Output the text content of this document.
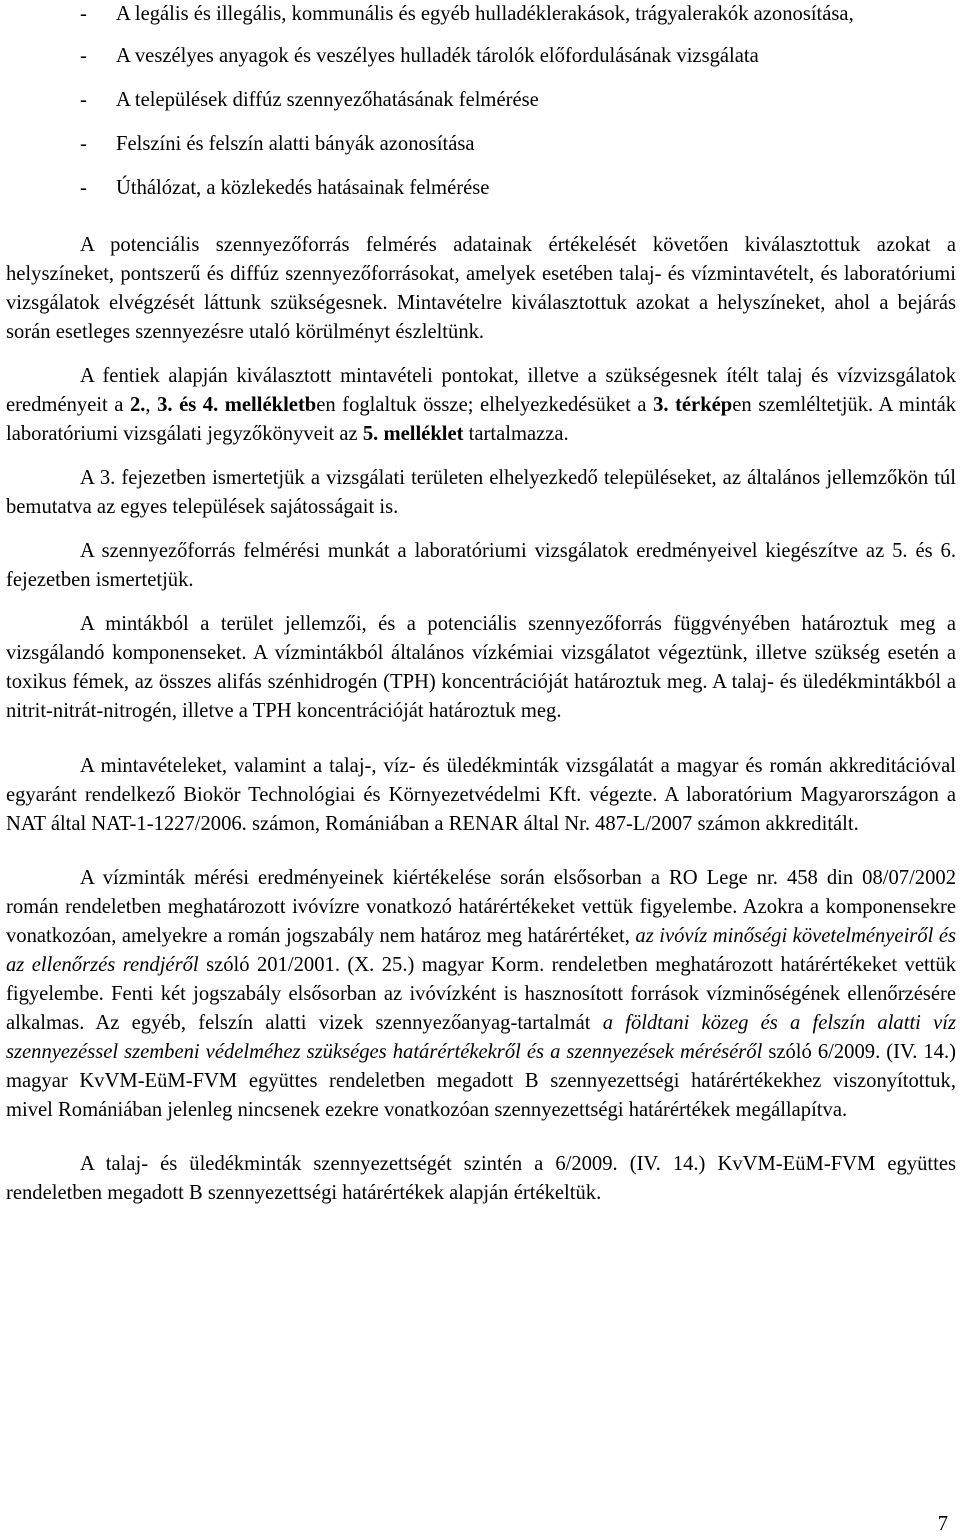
- A legális és illegális, kommunális és egyéb hulladéklerakások, trágyalerakók azonosítása,
- A veszélyes anyagok és veszélyes hulladék tárolók előfordulásának vizsgálata
- A települések diffúz szennyezőhatásának felmérése
- Felszíni és felszín alatti bányák azonosítása
- Úthálózat, a közlekedés hatásainak felmérése

A potenciális szennyezőforrás felmérés adatainak értékelését követően kiválasztottuk azokat a helyszíneket, pontszerű és diffúz szennyezőforrásokat, amelyek esetében talaj- és vízmintavételt, és laboratóriumi vizsgálatok elvégzését láttunk szükségesnek. Mintavételre kiválasztottuk azokat a helyszíneket, ahol a bejárás során esetleges szennyezésre utaló körülményt észleltünk.

A fentiek alapján kiválasztott mintavételi pontokat, illetve a szükségesnek ítélt talaj és vízvizsgálatok eredményeit a 2., 3. és 4. mellékletben foglaltuk össze; elhelyezkedésüket a 3. térképen szemléltetjük. A minták laboratóriumi vizsgálati jegyzőkönyveit az 5. melléklet tartalmazza.

A 3. fejezetben ismertetjük a vizsgálati területen elhelyezkedő településeket, az általános jellemzőkön túl bemutatva az egyes települések sajátosságait is.

A szennyezőforrás felmérési munkát a laboratóriumi vizsgálatok eredményeivel kiegészítve az 5. és 6. fejezetben ismertetjük.

A mintákból a terület jellemzői, és a potenciális szennyezőforrás függvényében határoztuk meg a vizsgálandó komponenseket. A vízmintákból általános vízkémiai vizsgálatot végeztünk, illetve szükség esetén a toxikus fémek, az összes alifás szénhidrogén (TPH) koncentrációját határoztuk meg. A talaj- és üledékmintákból a nitrit-nitrát-nitrogén, illetve a TPH koncentrációját határoztuk meg.

A mintavételeket, valamint a talaj-, víz- és üledékminták vizsgálatát a magyar és román akkreditációval egyaránt rendelkező Biokör Technológiai és Környezetvédelmi Kft. végezte. A laboratórium Magyarországon a NAT által NAT-1-1227/2006. számon, Romániában a RENAR által Nr. 487-L/2007 számon akkreditált.

A vízminták mérési eredményeinek kiértékelése során elsősorban a RO Lege nr. 458 din 08/07/2002 román rendeletben meghatározott ivóvízre vonatkozó határértékeket vettük figyelembe. Azokra a komponensekre vonatkozóan, amelyekre a román jogszabály nem határoz meg határértéket, az ivóvíz minőségi követelményeiről és az ellenőrzés rendjéről szóló 201/2001. (X. 25.) magyar Korm. rendeletben meghatározott határértékeket vettük figyelembe. Fenti két jogszabály elsősorban az ivóvízként is hasznosított források vízminőségének ellenőrzésére alkalmas. Az egyéb, felszín alatti vizek szennyezőanyag-tartalmát a földtani közeg és a felszín alatti víz szennyezéssel szembeni védelméhez szükséges határértékekről és a szennyezések méréséről szóló 6/2009. (IV. 14.) magyar KvVM-EüM-FVM együttes rendeletben megadott B szennyezettségi határértékekhez viszonyítottuk, mivel Romániában jelenleg nincsenek ezekre vonatkozóan szennyezettségi határértékek megállapítva.

A talaj- és üledékminták szennyezettségét szintén a 6/2009. (IV. 14.) KvVM-EüM-FVM együttes rendeletben megadott B szennyezettségi határértékek alapján értékeltük.

7
